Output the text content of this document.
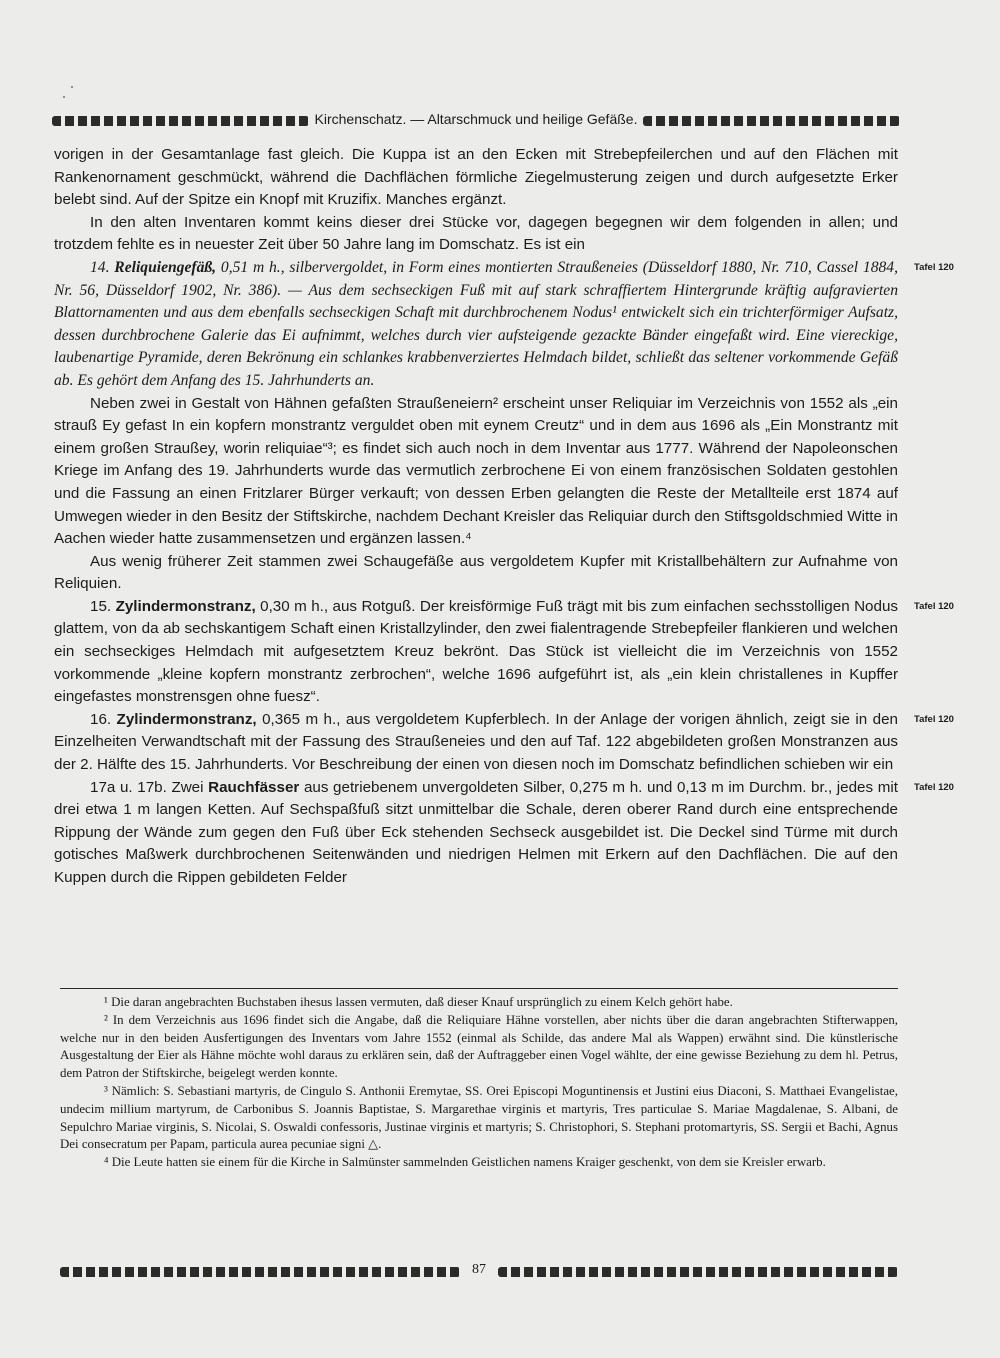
Kirchenschatz. — Altarschmuck und heilige Gefäße.

vorigen in der Gesamtanlage fast gleich. Die Kuppa ist an den Ecken mit Strebepfeilerchen und auf den Flächen mit Rankenornament geschmückt, während die Dachflächen förmliche Ziegelmusterung zeigen und durch aufgesetzte Erker belebt sind. Auf der Spitze ein Knopf mit Kruzifix. Manches ergänzt.

In den alten Inventaren kommt keins dieser drei Stücke vor, dagegen begegnen wir dem folgenden in allen; und trotzdem fehlte es in neuester Zeit über 50 Jahre lang im Domschatz. Es ist ein

14. Reliquiengefäß, 0,51 m h., silbervergoldet, in Form eines montierten Straußeneies (Düsseldorf 1880, Nr. 710, Cassel 1884, Nr. 56, Düsseldorf 1902, Nr. 386). — Aus dem sechseckigen Fuß mit auf stark schraffiertem Hintergrunde kräftig aufgravierten Blattornamenten und aus dem ebenfalls sechseckigen Schaft mit durchbrochenem Nodus¹ entwickelt sich ein trichterförmiger Aufsatz, dessen durchbrochene Galerie das Ei aufnimmt, welches durch vier aufsteigende gezackte Bänder eingefaßt wird. Eine viereckige, laubenartige Pyramide, deren Bekrönung ein schlankes krabbenverziertes Helmdach bildet, schließt das seltener vorkommende Gefäß ab. Es gehört dem Anfang des 15. Jahrhunderts an.
Tafel 120

Neben zwei in Gestalt von Hähnen gefaßten Straußeneiern² erscheint unser Reliquiar im Verzeichnis von 1552 als „ein strauß Ey gefast In ein kopfern monstrantz verguldet oben mit eynem Creutz“ und in dem aus 1696 als „Ein Monstrantz mit einem großen Straußey, worin reliquiae“³; es findet sich auch noch in dem Inventar aus 1777. Während der Napoleonschen Kriege im Anfang des 19. Jahrhunderts wurde das vermutlich zerbrochene Ei von einem französischen Soldaten gestohlen und die Fassung an einen Fritzlarer Bürger verkauft; von dessen Erben gelangten die Reste der Metallteile erst 1874 auf Umwegen wieder in den Besitz der Stiftskirche, nachdem Dechant Kreisler das Reliquiar durch den Stiftsgoldschmied Witte in Aachen wieder hatte zusammensetzen und ergänzen lassen.⁴

Aus wenig früherer Zeit stammen zwei Schaugefäße aus vergoldetem Kupfer mit Kristallbehältern zur Aufnahme von Reliquien.

15. Zylindermonstranz, 0,30 m h., aus Rotguß. Der kreisförmige Fuß trägt mit bis zum einfachen sechsstolligen Nodus glattem, von da ab sechskantigem Schaft einen Kristallzylinder, den zwei fialentragende Strebepfeiler flankieren und welchen ein sechseckiges Helmdach mit aufgesetztem Kreuz bekrönt. Das Stück ist vielleicht die im Verzeichnis von 1552 vorkommende „kleine kopfern monstrantz zerbrochen“, welche 1696 aufgeführt ist, als „ein klein christallenes in Kupffer eingefastes monstrensgen ohne fuesz“.
Tafel 120

16. Zylindermonstranz, 0,365 m h., aus vergoldetem Kupferblech. In der Anlage der vorigen ähnlich, zeigt sie in den Einzelheiten Verwandtschaft mit der Fassung des Straußeneies und den auf Taf. 122 abgebildeten großen Monstranzen aus der 2. Hälfte des 15. Jahrhunderts. Vor Beschreibung der einen von diesen noch im Domschatz befindlichen schieben wir ein
Tafel 120

17a u. 17b. Zwei Rauchfässer aus getriebenem unvergoldeten Silber, 0,275 m h. und 0,13 m im Durchm. br., jedes mit drei etwa 1 m langen Ketten. Auf Sechspaßfuß sitzt unmittelbar die Schale, deren oberer Rand durch eine entsprechende Rippung der Wände zum gegen den Fuß über Eck stehenden Sechseck ausgebildet ist. Die Deckel sind Türme mit durch gotisches Maßwerk durchbrochenen Seitenwänden und niedrigen Helmen mit Erkern auf den Dachflächen. Die auf den Kuppen durch die Rippen gebildeten Felder
Tafel 120

¹ Die daran angebrachten Buchstaben ihesus lassen vermuten, daß dieser Knauf ursprünglich zu einem Kelch gehört habe.

² In dem Verzeichnis aus 1696 findet sich die Angabe, daß die Reliquiare Hähne vorstellen, aber nichts über die daran angebrachten Stifterwappen, welche nur in den beiden Ausfertigungen des Inventars vom Jahre 1552 (einmal als Schilde, das andere Mal als Wappen) erwähnt sind. Die künstlerische Ausgestaltung der Eier als Hähne möchte wohl daraus zu erklären sein, daß der Auftraggeber einen Vogel wählte, der eine gewisse Beziehung zu dem hl. Petrus, dem Patron der Stiftskirche, beigelegt werden konnte.

³ Nämlich: S. Sebastiani martyris, de Cingulo S. Anthonii Eremytae, SS. Orei Episcopi Moguntinensis et Justini eius Diaconi, S. Matthaei Evangelistae, undecim millium martyrum, de Carbonibus S. Joannis Baptistae, S. Margarethae virginis et martyris, Tres particulae S. Mariae Magdalenae, S. Albani, de Sepulchro Mariae virginis, S. Nicolai, S. Oswaldi confessoris, Justinae virginis et martyris; S. Christophori, S. Stephani protomartyris, SS. Sergii et Bachi, Agnus Dei consecratum per Papam, particula aurea pecuniae signi △.

⁴ Die Leute hatten sie einem für die Kirche in Salmünster sammelnden Geistlichen namens Kraiger geschenkt, von dem sie Kreisler erwarb.

87
